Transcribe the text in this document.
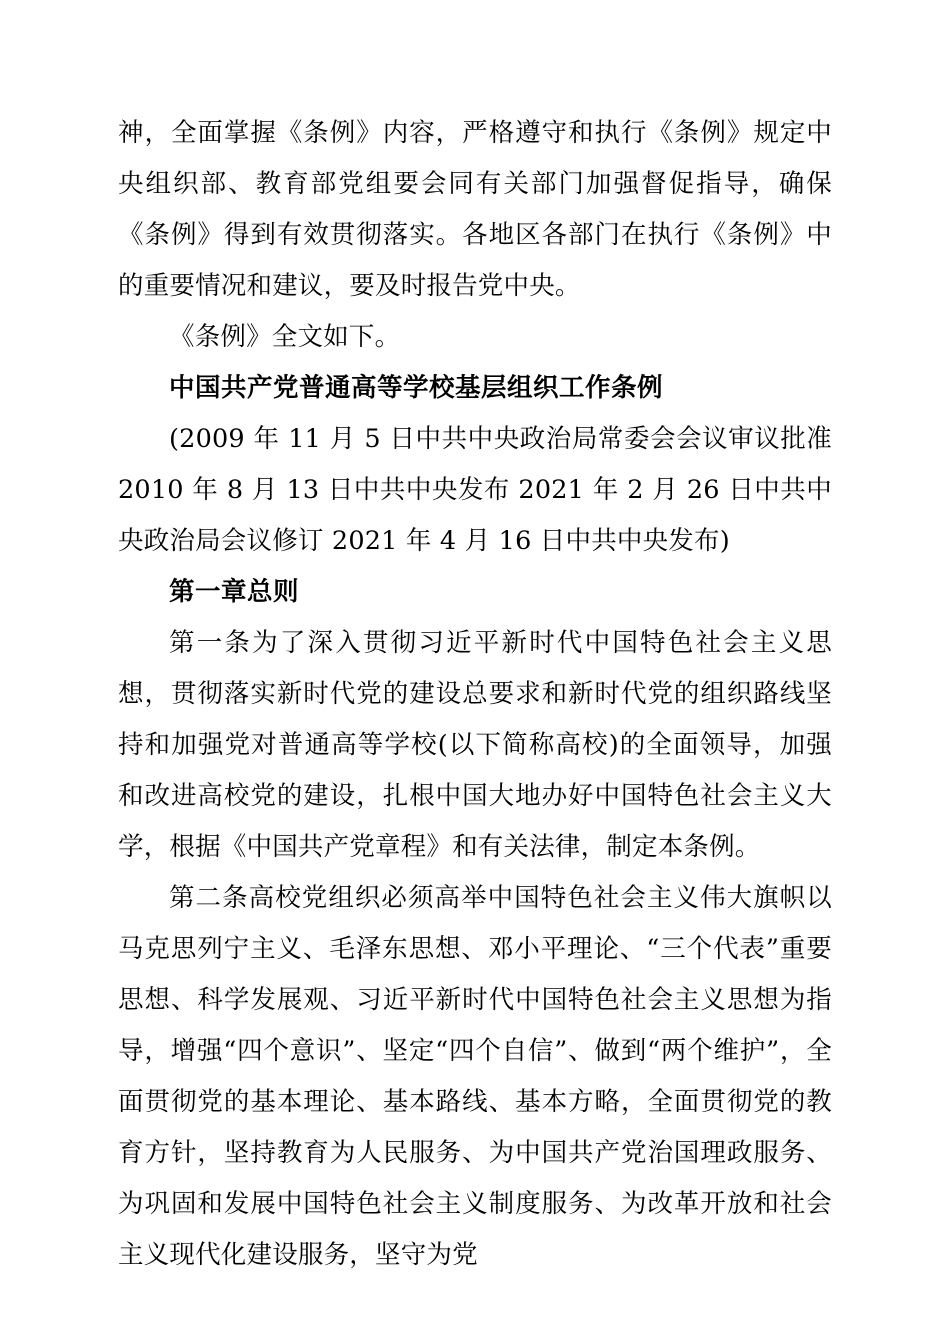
神，全面掌握《条例》内容，严格遵守和执行《条例》规定中央组织部、教育部党组要会同有关部门加强督促指导，确保《条例》得到有效贯彻落实。各地区各部门在执行《条例》中的重要情况和建议，要及时报告党中央。

《条例》全文如下。

中国共产党普通高等学校基层组织工作条例

(2009 年 11 月 5 日中共中央政治局常委会会议审议批准 2010 年 8 月 13 日中共中央发布 2021 年 2 月 26 日中共中央政治局会议修订 2021 年 4 月 16 日中共中央发布)

第一章总则

第一条为了深入贯彻习近平新时代中国特色社会主义思想，贯彻落实新时代党的建设总要求和新时代党的组织路线坚持和加强党对普通高等学校(以下简称高校)的全面领导，加强和改进高校党的建设，扎根中国大地办好中国特色社会主义大学，根据《中国共产党章程》和有关法律，制定本条例。

第二条高校党组织必须高举中国特色社会主义伟大旗帜以马克思列宁主义、毛泽东思想、邓小平理论、“三个代表”重要思想、科学发展观、习近平新时代中国特色社会主义思想为指导，增强“四个意识”、坚定“四个自信”、做到“两个维护”，全面贯彻党的基本理论、基本路线、基本方略，全面贯彻党的教育方针，坚持教育为人民服务、为中国共产党治国理政服务、为巩固和发展中国特色社会主义制度服务、为改革开放和社会主义现代化建设服务，坚守为党
